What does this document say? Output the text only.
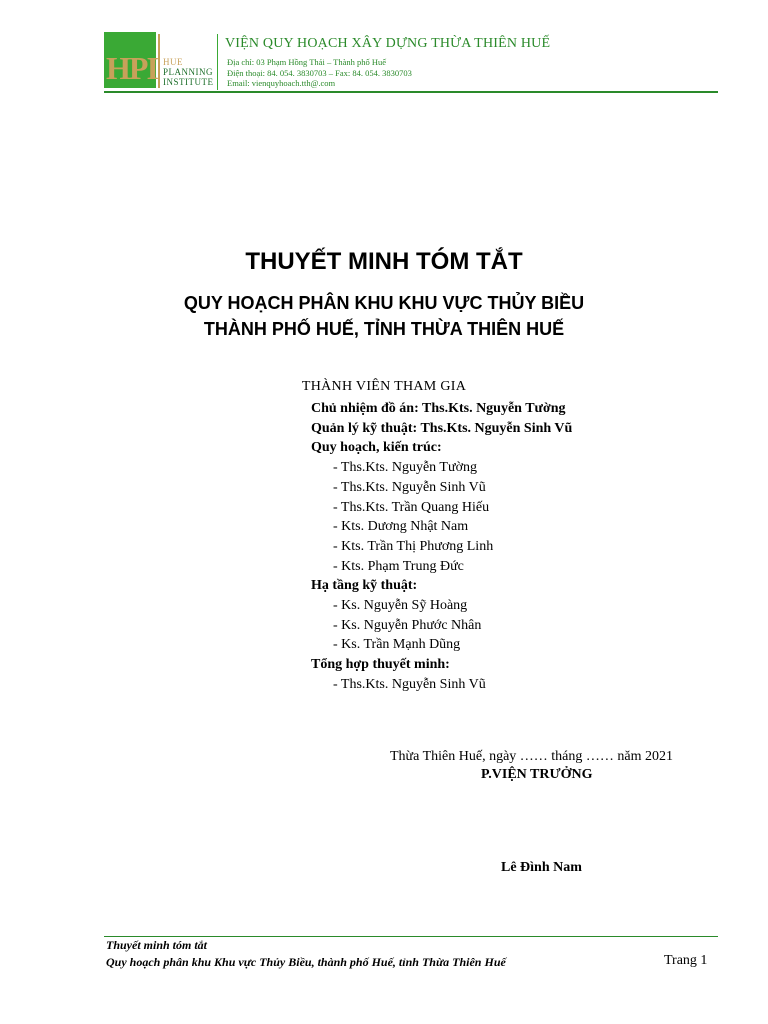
HPI HUE
PLANNING
INSTITUTE
VIỆN QUY HOẠCH XÂY DỰNG THỪA THIÊN HUẾ
Địa chỉ: 03 Phạm Hồng Thái – Thành phố Huế
Điện thoại: 84. 054. 3830703 – Fax: 84. 054. 3830703
Email: vienquyhoach.tth@.com
THUYẾT MINH TÓM TẮT
QUY HOẠCH PHÂN KHU KHU VỰC THỦY BIỀU
THÀNH PHỐ HUẾ, TỈNH THỪA THIÊN HUẾ
THÀNH VIÊN THAM GIA
Chủ nhiệm đồ án: Ths.Kts. Nguyễn Tường
Quản lý kỹ thuật: Ths.Kts. Nguyễn Sinh Vũ
Quy hoạch, kiến trúc:
- Ths.Kts. Nguyễn Tường
- Ths.Kts. Nguyễn Sinh Vũ
- Ths.Kts. Trần Quang Hiếu
- Kts. Dương Nhật Nam
- Kts. Trần Thị Phương Linh
- Kts. Phạm Trung Đức
Hạ tầng kỹ thuật:
- Ks. Nguyễn Sỹ Hoàng
- Ks. Nguyễn Phước Nhân
- Ks. Trần Mạnh Dũng
Tổng hợp thuyết minh:
- Ths.Kts. Nguyễn Sinh Vũ
Thừa Thiên Huế, ngày …… tháng …… năm 2021
P.VIỆN TRƯỞNG
Lê Đình Nam
Thuyết minh tóm tắt
Quy hoạch phân khu Khu vực Thủy Biều, thành phố Huế, tỉnh Thừa Thiên Huế	Trang 1
